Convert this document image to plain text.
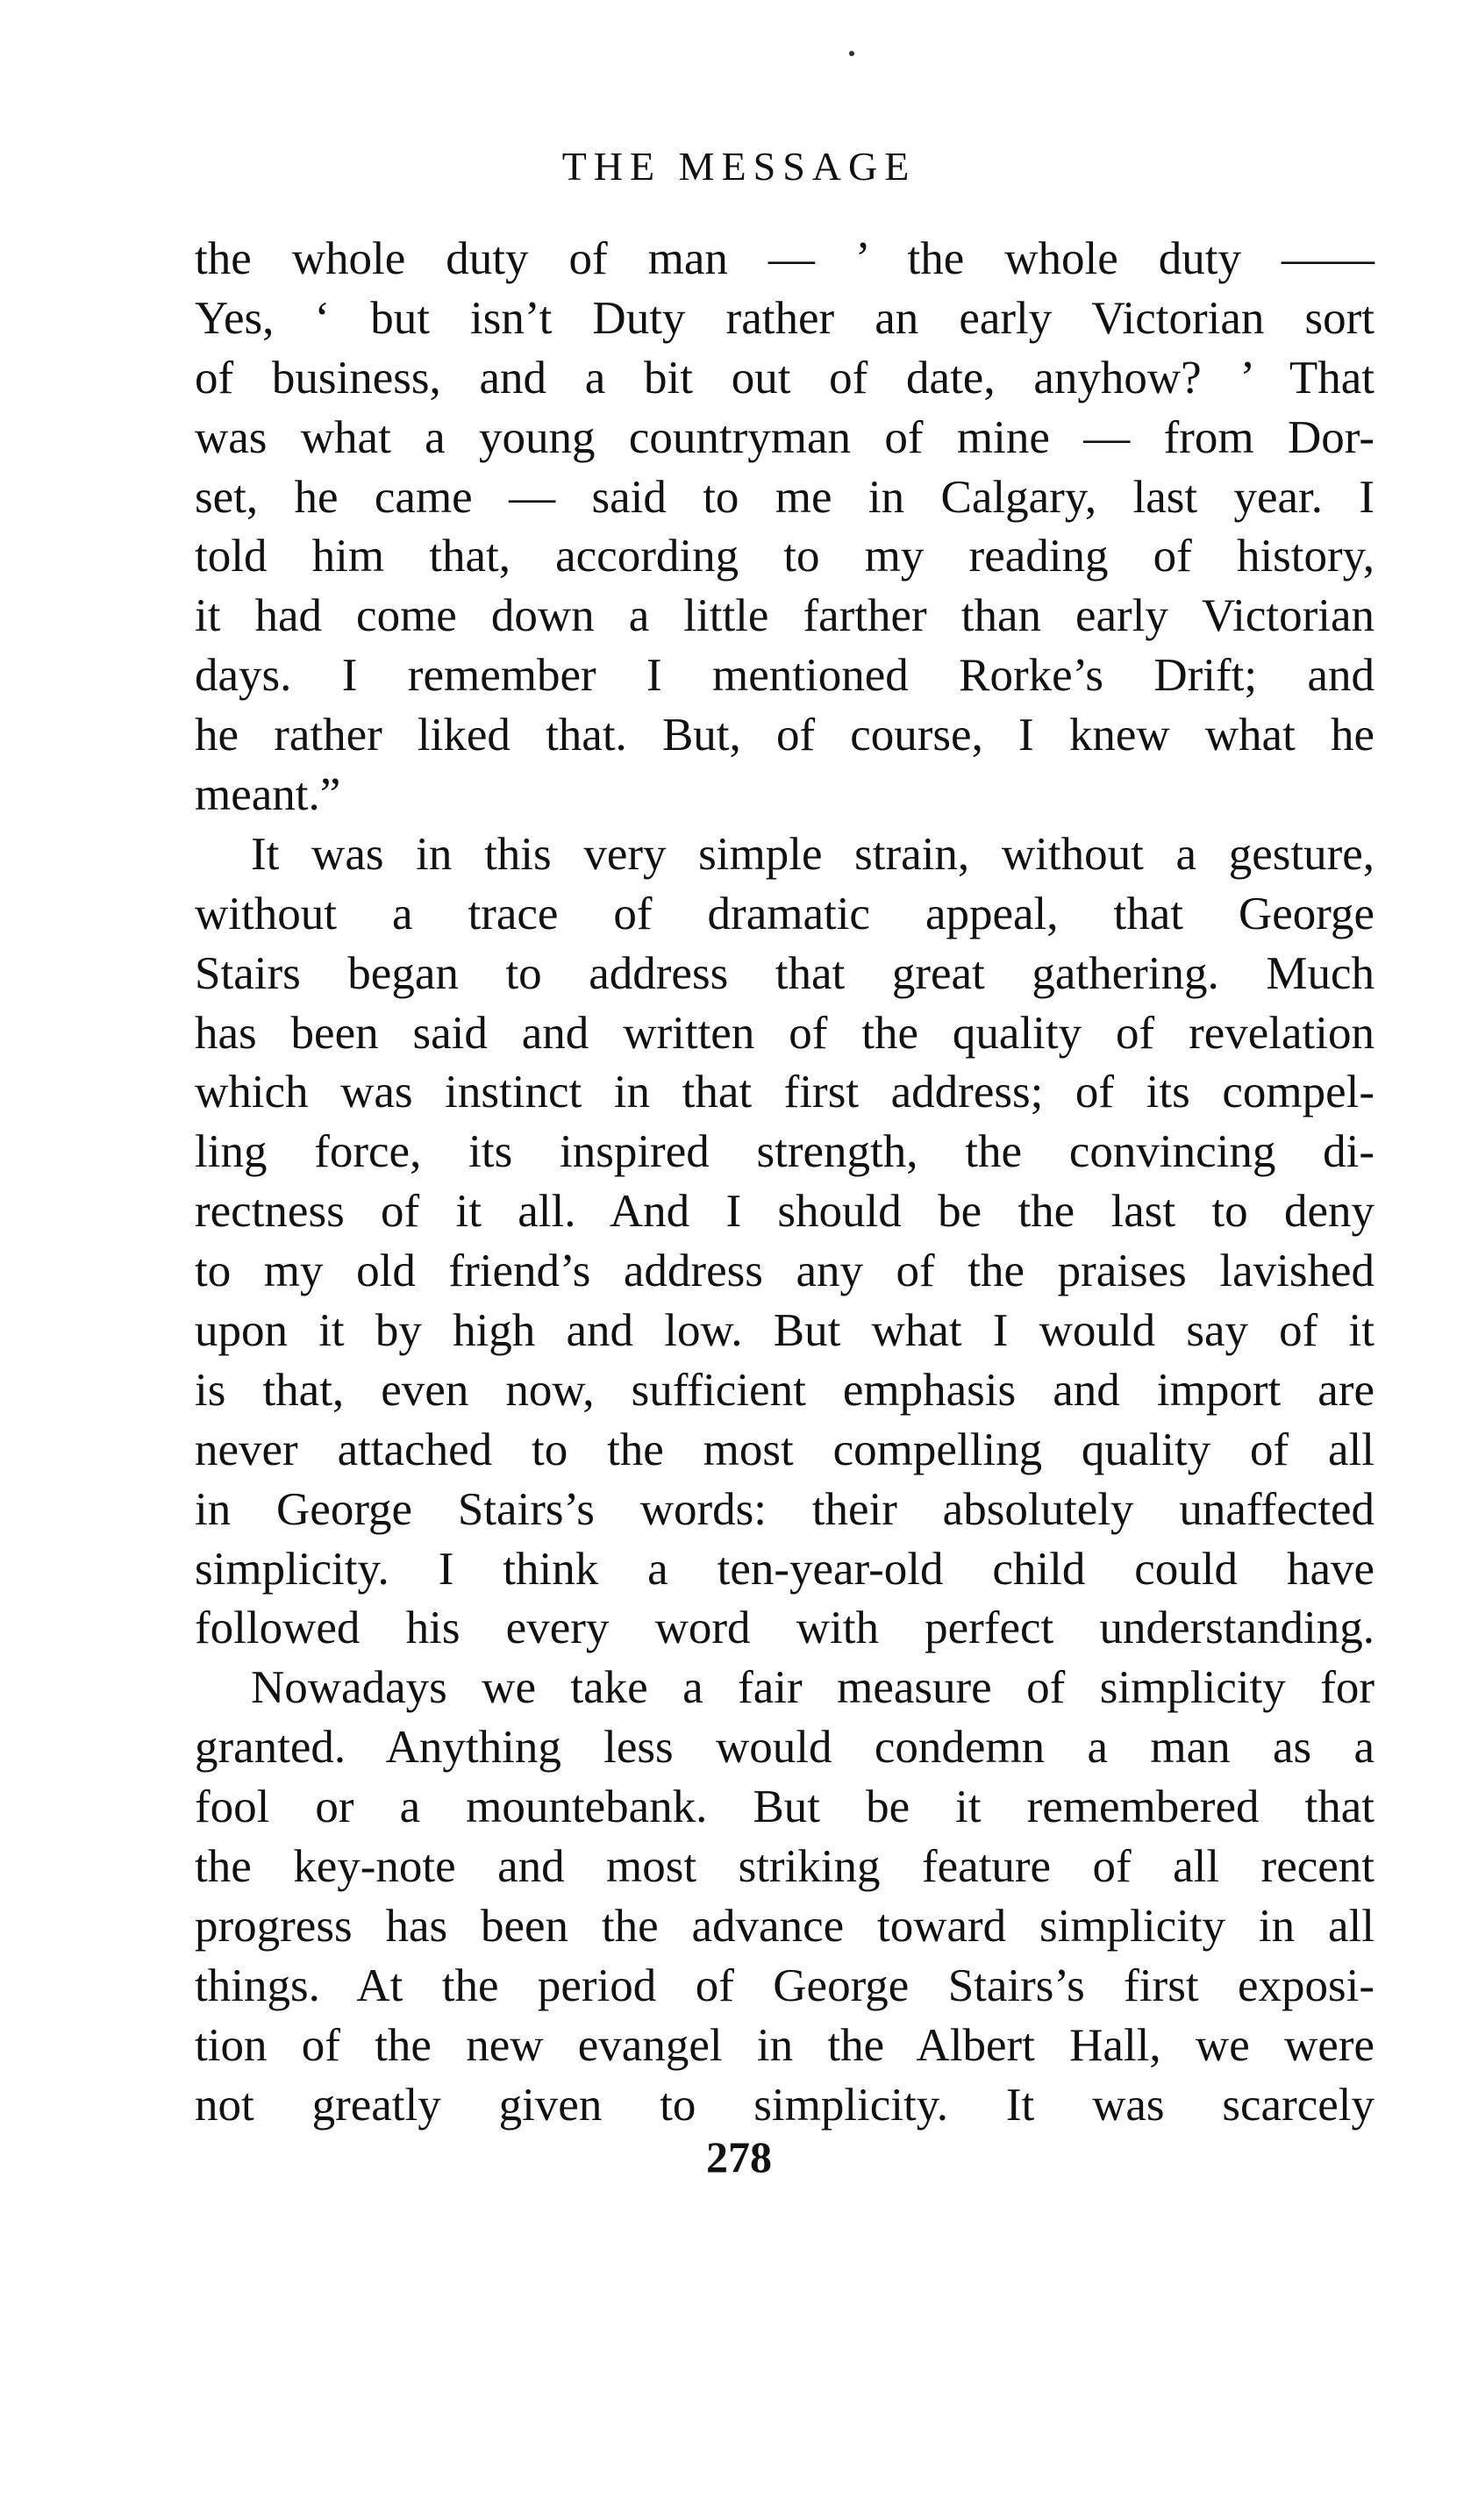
THE MESSAGE
the whole duty of man — ’ the whole duty ——
Yes, ‘ but isn’t Duty rather an early Victorian sort
of business, and a bit out of date, anyhow? ’ That
was what a young countryman of mine — from Dor-
set, he came — said to me in Calgary, last year. I
told him that, according to my reading of history,
it had come down a little farther than early Victorian
days. I remember I mentioned Rorke’s Drift; and
he rather liked that. But, of course, I knew what he
meant.”
It was in this very simple strain, without a gesture,
without a trace of dramatic appeal, that George
Stairs began to address that great gathering. Much
has been said and written of the quality of revelation
which was instinct in that first address; of its compel-
ling force, its inspired strength, the convincing di-
rectness of it all. And I should be the last to deny
to my old friend’s address any of the praises lavished
upon it by high and low. But what I would say of it
is that, even now, sufficient emphasis and import are
never attached to the most compelling quality of all
in George Stairs’s words: their absolutely unaffected
simplicity. I think a ten-year-old child could have
followed his every word with perfect understanding.
Nowadays we take a fair measure of simplicity for
granted. Anything less would condemn a man as a
fool or a mountebank. But be it remembered that
the key-note and most striking feature of all recent
progress has been the advance toward simplicity in all
things. At the period of George Stairs’s first exposi-
tion of the new evangel in the Albert Hall, we were
not greatly given to simplicity. It was scarcely
278
